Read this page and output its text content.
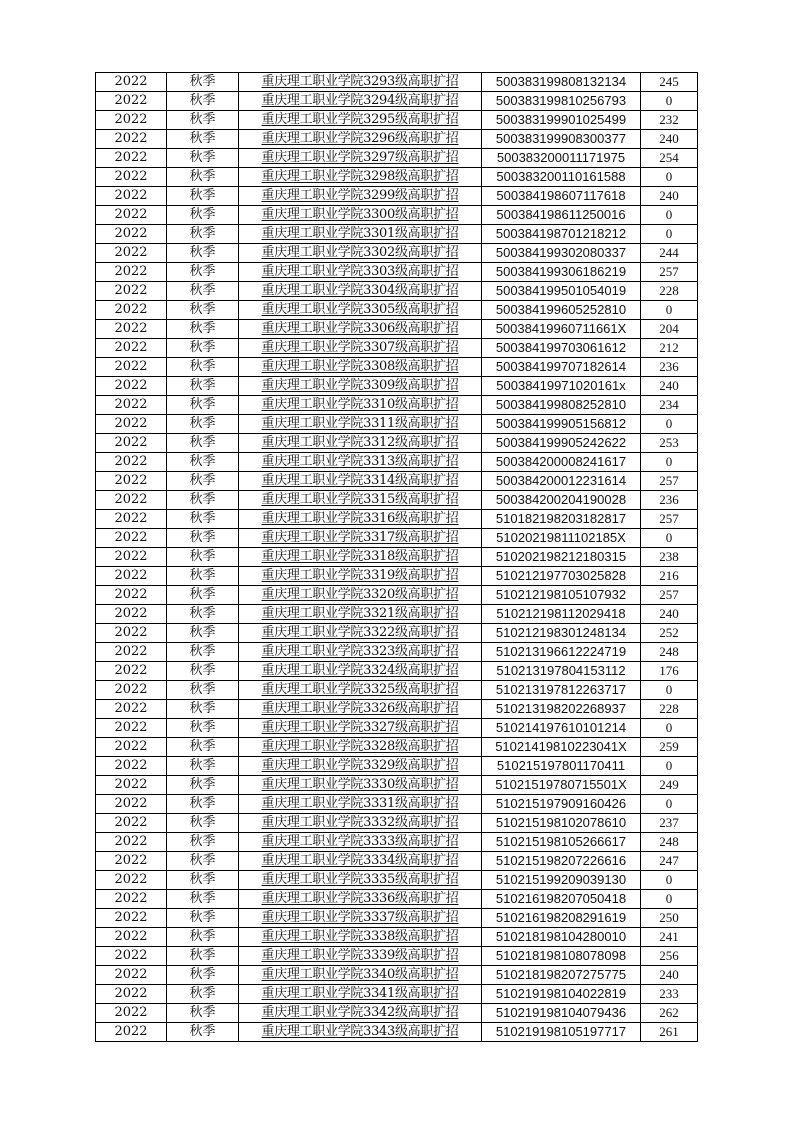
2022	秋季	重庆理工职业学院3293级高职扩招	500383199808132134	245
2022	秋季	重庆理工职业学院3294级高职扩招	500383199810256793	0
2022	秋季	重庆理工职业学院3295级高职扩招	500383199901025499	232
2022	秋季	重庆理工职业学院3296级高职扩招	500383199908300377	240
2022	秋季	重庆理工职业学院3297级高职扩招	500383200011171975	254
2022	秋季	重庆理工职业学院3298级高职扩招	500383200110161588	0
2022	秋季	重庆理工职业学院3299级高职扩招	500384198607117618	240
2022	秋季	重庆理工职业学院3300级高职扩招	500384198611250016	0
2022	秋季	重庆理工职业学院3301级高职扩招	500384198701218212	0
2022	秋季	重庆理工职业学院3302级高职扩招	500384199302080337	244
2022	秋季	重庆理工职业学院3303级高职扩招	500384199306186219	257
2022	秋季	重庆理工职业学院3304级高职扩招	500384199501054019	228
2022	秋季	重庆理工职业学院3305级高职扩招	500384199605252810	0
2022	秋季	重庆理工职业学院3306级高职扩招	50038419960711661X	204
2022	秋季	重庆理工职业学院3307级高职扩招	500384199703061612	212
2022	秋季	重庆理工职业学院3308级高职扩招	500384199707182614	236
2022	秋季	重庆理工职业学院3309级高职扩招	50038419971020161x	240
2022	秋季	重庆理工职业学院3310级高职扩招	500384199808252810	234
2022	秋季	重庆理工职业学院3311级高职扩招	500384199905156812	0
2022	秋季	重庆理工职业学院3312级高职扩招	500384199905242622	253
2022	秋季	重庆理工职业学院3313级高职扩招	500384200008241617	0
2022	秋季	重庆理工职业学院3314级高职扩招	500384200012231614	257
2022	秋季	重庆理工职业学院3315级高职扩招	500384200204190028	236
2022	秋季	重庆理工职业学院3316级高职扩招	510182198203182817	257
2022	秋季	重庆理工职业学院3317级高职扩招	51020219811102185X	0
2022	秋季	重庆理工职业学院3318级高职扩招	510202198212180315	238
2022	秋季	重庆理工职业学院3319级高职扩招	510212197703025828	216
2022	秋季	重庆理工职业学院3320级高职扩招	510212198105107932	257
2022	秋季	重庆理工职业学院3321级高职扩招	510212198112029418	240
2022	秋季	重庆理工职业学院3322级高职扩招	510212198301248134	252
2022	秋季	重庆理工职业学院3323级高职扩招	510213196612224719	248
2022	秋季	重庆理工职业学院3324级高职扩招	510213197804153112	176
2022	秋季	重庆理工职业学院3325级高职扩招	510213197812263717	0
2022	秋季	重庆理工职业学院3326级高职扩招	510213198202268937	228
2022	秋季	重庆理工职业学院3327级高职扩招	510214197610101214	0
2022	秋季	重庆理工职业学院3328级高职扩招	51021419810223041X	259
2022	秋季	重庆理工职业学院3329级高职扩招	510215197801170411	0
2022	秋季	重庆理工职业学院3330级高职扩招	51021519780715501X	249
2022	秋季	重庆理工职业学院3331级高职扩招	510215197909160426	0
2022	秋季	重庆理工职业学院3332级高职扩招	510215198102078610	237
2022	秋季	重庆理工职业学院3333级高职扩招	510215198105266617	248
2022	秋季	重庆理工职业学院3334级高职扩招	510215198207226616	247
2022	秋季	重庆理工职业学院3335级高职扩招	510215199209039130	0
2022	秋季	重庆理工职业学院3336级高职扩招	510216198207050418	0
2022	秋季	重庆理工职业学院3337级高职扩招	510216198208291619	250
2022	秋季	重庆理工职业学院3338级高职扩招	510218198104280010	241
2022	秋季	重庆理工职业学院3339级高职扩招	510218198108078098	256
2022	秋季	重庆理工职业学院3340级高职扩招	510218198207275775	240
2022	秋季	重庆理工职业学院3341级高职扩招	510219198104022819	233
2022	秋季	重庆理工职业学院3342级高职扩招	510219198104079436	262
2022	秋季	重庆理工职业学院3343级高职扩招	510219198105197717	261
